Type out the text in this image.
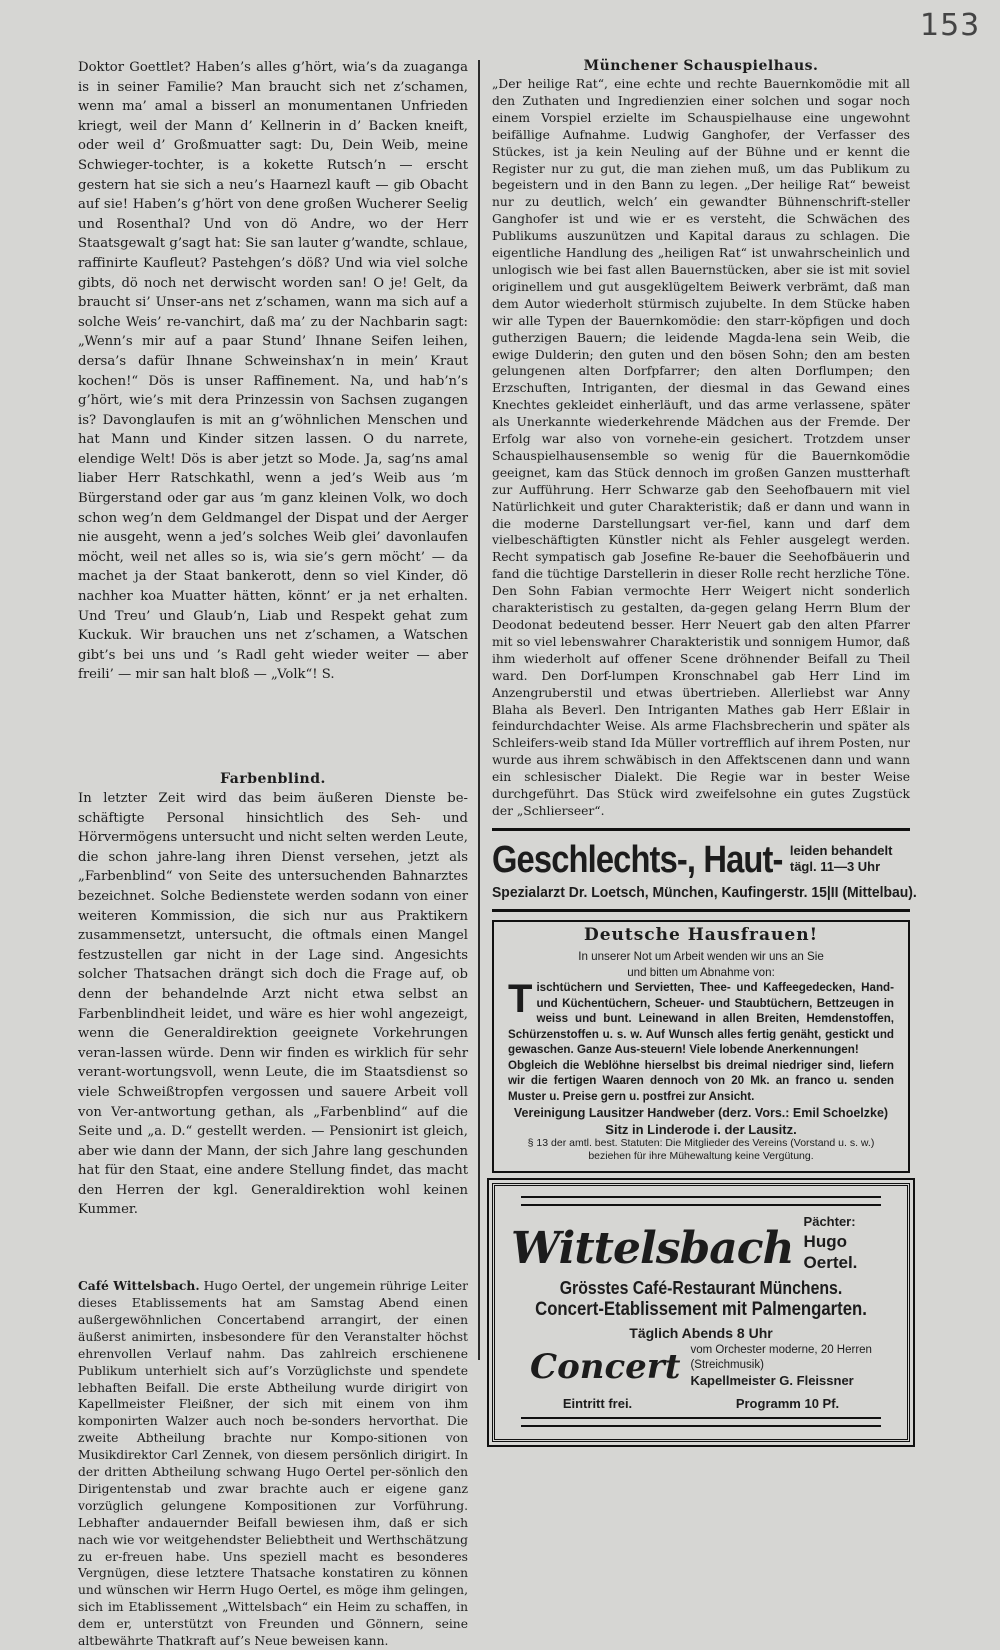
153

Doktor Goettlet? Haben’s alles g’hört, wia’s da zuaganga is in seiner Familie? Man braucht sich net z’schamen, wenn ma’ amal a bisserl an monumentanen Unfrieden kriegt, weil der Mann d’ Kellnerin in d’ Backen kneift, oder weil d’ Großmuatter sagt: Du, Dein Weib, meine Schwieger-tochter, is a kokette Rutsch’n — erscht gestern hat sie sich a neu’s Haarnezl kauft — gib Obacht auf sie! Haben’s g’hört von dene großen Wucherer Seelig und Rosenthal? Und von dö Andre, wo der Herr Staatsgewalt g’sagt hat: Sie san lauter g’wandte, schlaue, raffinirte Kaufleut? Pastehgen’s döß? Und wia viel solche gibts, dö noch net derwischt worden san! O je! Gelt, da braucht si’ Unser-ans net z’schamen, wann ma sich auf a solche Weis’ re-vanchirt, daß ma’ zu der Nachbarin sagt: „Wenn’s mir auf a paar Stund’ Ihnane Seifen leihen, dersa’s dafür Ihnane Schweinshax’n in mein’ Kraut kochen!“ Dös is unser Raffinement. Na, und hab’n’s g’hört, wie’s mit dera Prinzessin von Sachsen zugangen is? Davonglaufen is mit an g’wöhnlichen Menschen und hat Mann und Kinder sitzen lassen. O du narrete, elendige Welt! Dös is aber jetzt so Mode. Ja, sag’ns amal liaber Herr Ratschkathl, wenn a jed’s Weib aus ’m Bürgerstand oder gar aus ’m ganz kleinen Volk, wo doch schon weg’n dem Geldmangel der Dispat und der Aerger nie ausgeht, wenn a jed’s solches Weib glei’ davonlaufen möcht, weil net alles so is, wia sie’s gern möcht’ — da machet ja der Staat bankerott, denn so viel Kinder, dö nachher koa Muatter hätten, könnt’ er ja net erhalten. Und Treu’ und Glaub’n, Liab und Respekt gehat zum Kuckuk. Wir brauchen uns net z’schamen, a Watschen gibt’s bei uns und ’s Radl geht wieder weiter — aber freili’ — mir san halt bloß — „Volk“! S.

Farbenblind.

In letzter Zeit wird das beim äußeren Dienste be-schäftigte Personal hinsichtlich des Seh- und Hörvermögens untersucht und nicht selten werden Leute, die schon jahre-lang ihren Dienst versehen, jetzt als „Farbenblind“ von Seite des untersuchenden Bahnarztes bezeichnet. Solche Bedienstete werden sodann von einer weiteren Kommission, die sich nur aus Praktikern zusammensetzt, untersucht, die oftmals einen Mangel festzustellen gar nicht in der Lage sind. Angesichts solcher Thatsachen drängt sich doch die Frage auf, ob denn der behandelnde Arzt nicht etwa selbst an Farbenblindheit leidet, und wäre es hier wohl angezeigt, wenn die Generaldirektion geeignete Vorkehrungen veran-lassen würde. Denn wir finden es wirklich für sehr verant-wortungsvoll, wenn Leute, die im Staatsdienst so viele Schweißtropfen vergossen und sauere Arbeit voll von Ver-antwortung gethan, als „Farbenblind“ auf die Seite und „a. D.“ gestellt werden. — Pensionirt ist gleich, aber wie dann der Mann, der sich Jahre lang geschunden hat für den Staat, eine andere Stellung findet, das macht den Herren der kgl. Generaldirektion wohl keinen Kummer.

Café Wittelsbach. Hugo Oertel, der ungemein rührige Leiter dieses Etablissements hat am Samstag Abend einen außergewöhnlichen Concertabend arrangirt, der einen äußerst animirten, insbesondere für den Veranstalter höchst ehrenvollen Verlauf nahm. Das zahlreich erschienene Publikum unterhielt sich auf’s Vorzüglichste und spendete lebhaften Beifall. Die erste Abtheilung wurde dirigirt von Kapellmeister Fleißner, der sich mit einem von ihm komponirten Walzer auch noch be-sonders hervorthat. Die zweite Abtheilung brachte nur Kompo-sitionen von Musikdirektor Carl Zennek, von diesem persönlich dirigirt. In der dritten Abtheilung schwang Hugo Oertel per-sönlich den Dirigentenstab und zwar brachte auch er eigene ganz vorzüglich gelungene Kompositionen zur Vorführung. Lebhafter andauernder Beifall bewiesen ihm, daß er sich nach wie vor weitgehendster Beliebtheit und Werthschätzung zu er-freuen habe. Uns speziell macht es besonderes Vergnügen, diese letztere Thatsache konstatiren zu können und wünschen wir Herrn Hugo Oertel, es möge ihm gelingen, sich im Etablissement „Wittelsbach“ ein Heim zu schaffen, in dem er, unterstützt von Freunden und Gönnern, seine altbewährte Thatkraft auf’s Neue beweisen kann.

Münchener Schauspielhaus.

„Der heilige Rat“, eine echte und rechte Bauernkomödie mit all den Zuthaten und Ingredienzien einer solchen und sogar noch einem Vorspiel erzielte im Schauspielhause eine ungewohnt beifällige Aufnahme. Ludwig Ganghofer, der Verfasser des Stückes, ist ja kein Neuling auf der Bühne und er kennt die Register nur zu gut, die man ziehen muß, um das Publikum zu begeistern und in den Bann zu legen. „Der heilige Rat“ beweist nur zu deutlich, welch’ ein gewandter Bühnenschrift-steller Ganghofer ist und wie er es versteht, die Schwächen des Publikums auszunützen und Kapital daraus zu schlagen. Die eigentliche Handlung des „heiligen Rat“ ist unwahrscheinlich und unlogisch wie bei fast allen Bauernstücken, aber sie ist mit soviel originellem und gut ausgeklügeltem Beiwerk verbrämt, daß man dem Autor wiederholt stürmisch zujubelte. In dem Stücke haben wir alle Typen der Bauernkomödie: den starr-köpfigen und doch gutherzigen Bauern; die leidende Magda-lena sein Weib, die ewige Dulderin; den guten und den bösen Sohn; den am besten gelungenen alten Dorfpfarrer; den alten Dorflumpen; den Erzschuften, Intriganten, der diesmal in das Gewand eines Knechtes gekleidet einherläuft, und das arme verlassene, später als Unerkannte wiederkehrende Mädchen aus der Fremde. Der Erfolg war also von vornehe-ein gesichert. Trotzdem unser Schauspielhausensemble so wenig für die Bauernkomödie geeignet, kam das Stück dennoch im großen Ganzen mustterhaft zur Aufführung. Herr Schwarze gab den Seehofbauern mit viel Natürlichkeit und guter Charakteristik; daß er dann und wann in die moderne Darstellungsart ver-fiel, kann und darf dem vielbeschäftigten Künstler nicht als Fehler ausgelegt werden. Recht sympatisch gab Josefine Re-bauer die Seehofbäuerin und fand die tüchtige Darstellerin in dieser Rolle recht herzliche Töne. Den Sohn Fabian vermochte Herr Weigert nicht sonderlich charakteristisch zu gestalten, da-gegen gelang Herrn Blum der Deodonat bedeutend besser. Herr Neuert gab den alten Pfarrer mit so viel lebenswahrer Charakteristik und sonnigem Humor, daß ihm wiederholt auf offener Scene dröhnender Beifall zu Theil ward. Den Dorf-lumpen Kronschnabel gab Herr Lind im Anzengruberstil und etwas übertrieben. Allerliebst war Anny Blaha als Beverl. Den Intriganten Mathes gab Herr Eßlair in feindurchdachter Weise. Als arme Flachsbrecherin und später als Schleifers-weib stand Ida Müller vortrefflich auf ihrem Posten, nur wurde aus ihrem schwäbisch in den Affektscenen dann und wann ein schlesischer Dialekt. Die Regie war in bester Weise durchgeführt. Das Stück wird zweifelsohne ein gutes Zugstück der „Schlierseer“.

Geschlechts-, Haut- leiden behandelt
tägl. 11—3 Uhr
Spezialarzt Dr. Loetsch, München, Kaufingerstr. 15|II (Mittelbau).
Deutsche Hausfrauen!
In unserer Not um Arbeit wenden wir uns an Sie
und bitten um Abnahme von:
Tischtüchern und Servietten, Thee- und Kaffeegedecken, Hand- und Küchentüchern, Scheuer- und Staubtüchern, Bettzeugen in weiss und bunt. Leinewand in allen Breiten, Hemdenstoffen, Schürzenstoffen u. s. w. Auf Wunsch alles fertig genäht, gestickt und gewaschen. Ganze Aus-steuern! Viele lobende Anerkennungen!
Obgleich die Weblöhne hierselbst bis dreimal niedriger sind, liefern wir die fertigen Waaren dennoch von 20 Mk. an franco u. senden Muster u. Preise gern u. postfrei zur Ansicht.
Vereinigung Lausitzer Handweber (derz. Vors.: Emil Schoelzke)
Sitz in Linderode i. der Lausitz.
§ 13 der amtl. best. Statuten: Die Mitglieder des Vereins (Vorstand u. s. w.) beziehen für ihre Mühewaltung keine Vergütung.
Wittelsbach
Pächter:
Hugo Oertel.
Grösstes Café-Restaurant Münchens.
Concert-Etablissement mit Palmengarten.
Täglich Abends 8 Uhr
Concert vom Orchester moderne, 20 Herren
(Streichmusik)
Kapellmeister G. Fleissner
Eintritt frei.	Programm 10 Pf.
